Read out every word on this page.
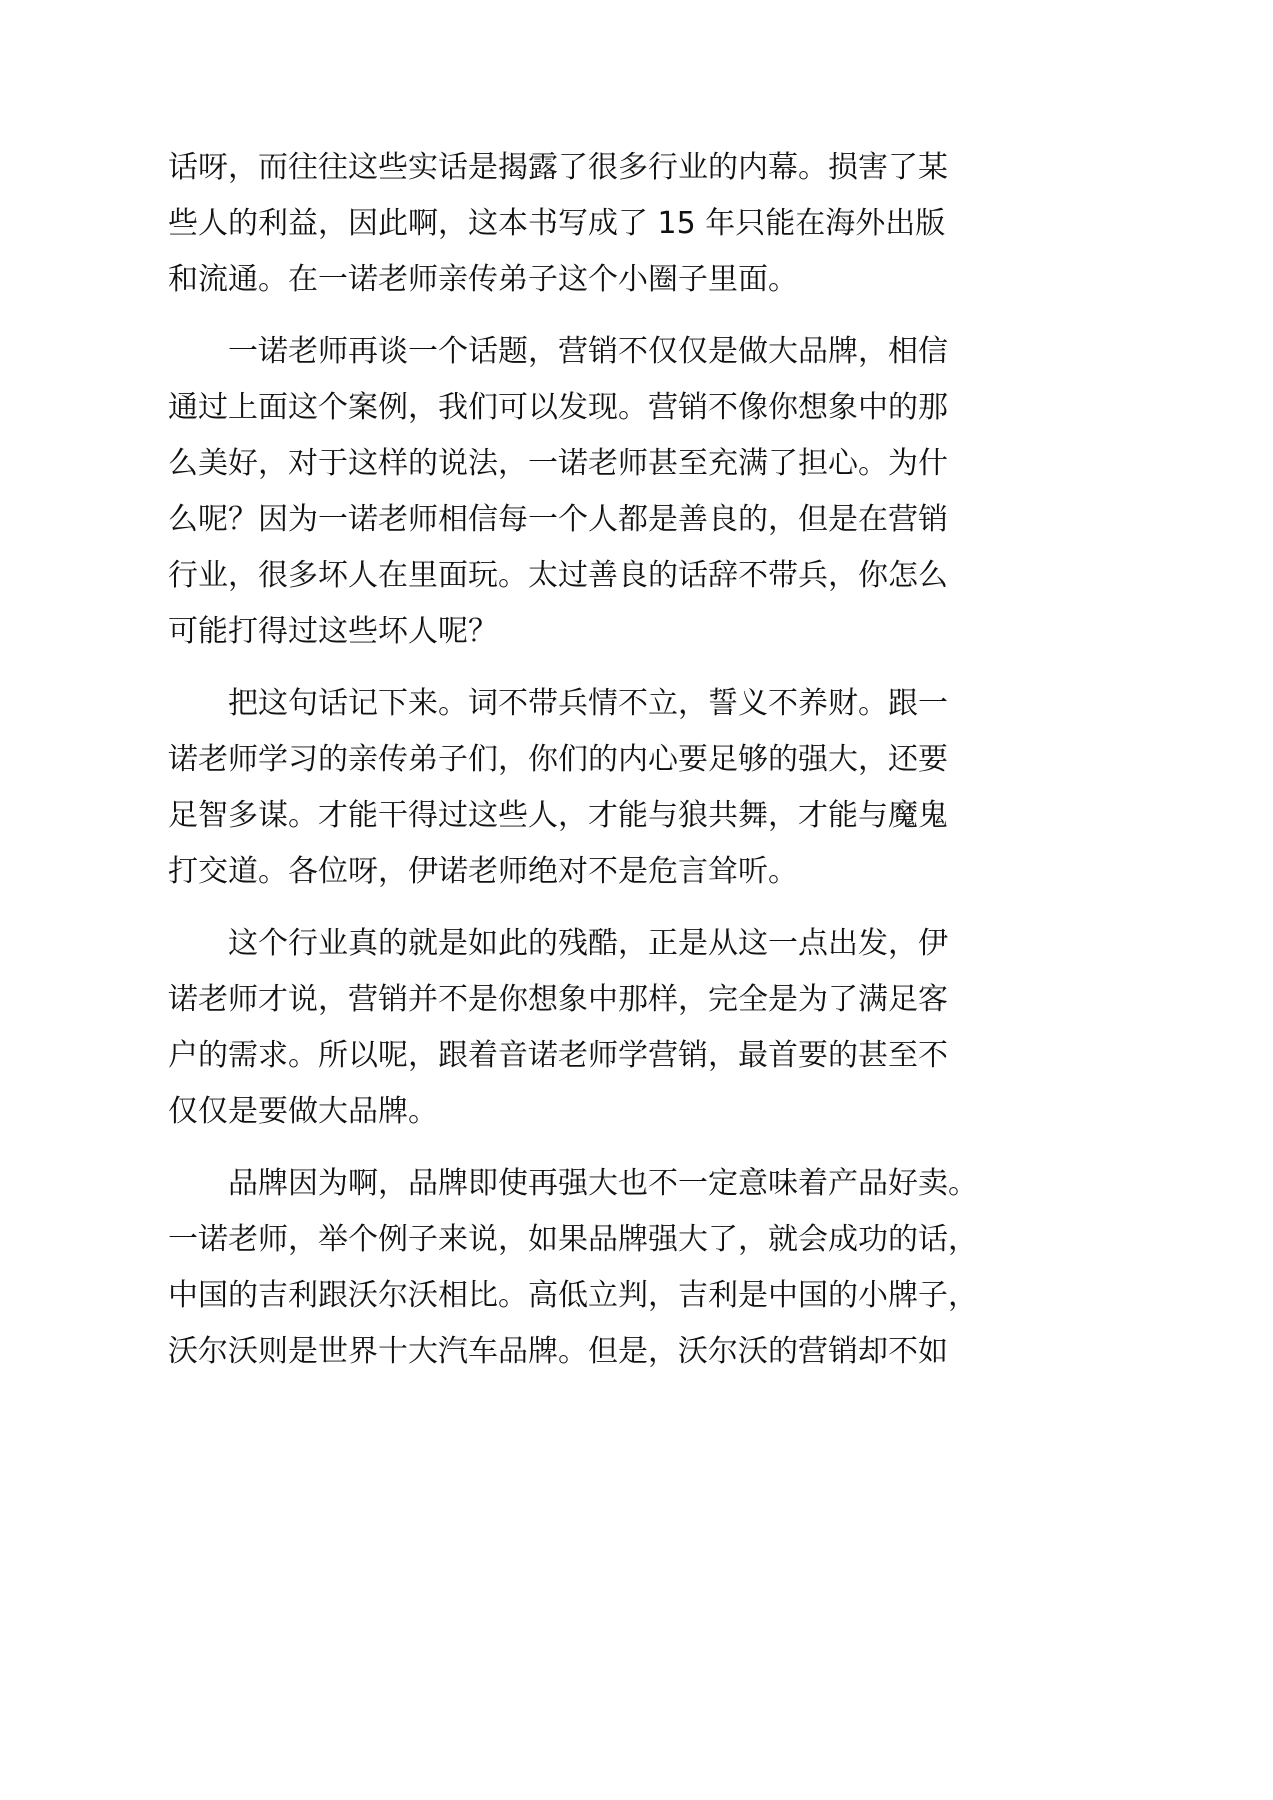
话呀，而往往这些实话是揭露了很多行业的内幕。损害了某
些人的利益，因此啊，这本书写成了 15 年只能在海外出版
和流通。在一诺老师亲传弟子这个小圈子里面。
一诺老师再谈一个话题，营销不仅仅是做大品牌，相信
通过上面这个案例，我们可以发现。营销不像你想象中的那
么美好，对于这样的说法，一诺老师甚至充满了担心。为什
么呢？因为一诺老师相信每一个人都是善良的，但是在营销
行业，很多坏人在里面玩。太过善良的话辞不带兵，你怎么
可能打得过这些坏人呢？
把这句话记下来。词不带兵情不立，誓义不养财。跟一
诺老师学习的亲传弟子们，你们的内心要足够的强大，还要
足智多谋。才能干得过这些人，才能与狼共舞，才能与魔鬼
打交道。各位呀，伊诺老师绝对不是危言耸听。
这个行业真的就是如此的残酷，正是从这一点出发，伊
诺老师才说，营销并不是你想象中那样，完全是为了满足客
户的需求。所以呢，跟着音诺老师学营销，最首要的甚至不
仅仅是要做大品牌。
品牌因为啊，品牌即使再强大也不一定意味着产品好卖。
一诺老师，举个例子来说，如果品牌强大了，就会成功的话，
中国的吉利跟沃尔沃相比。高低立判，吉利是中国的小牌子，
沃尔沃则是世界十大汽车品牌。但是，沃尔沃的营销却不如
